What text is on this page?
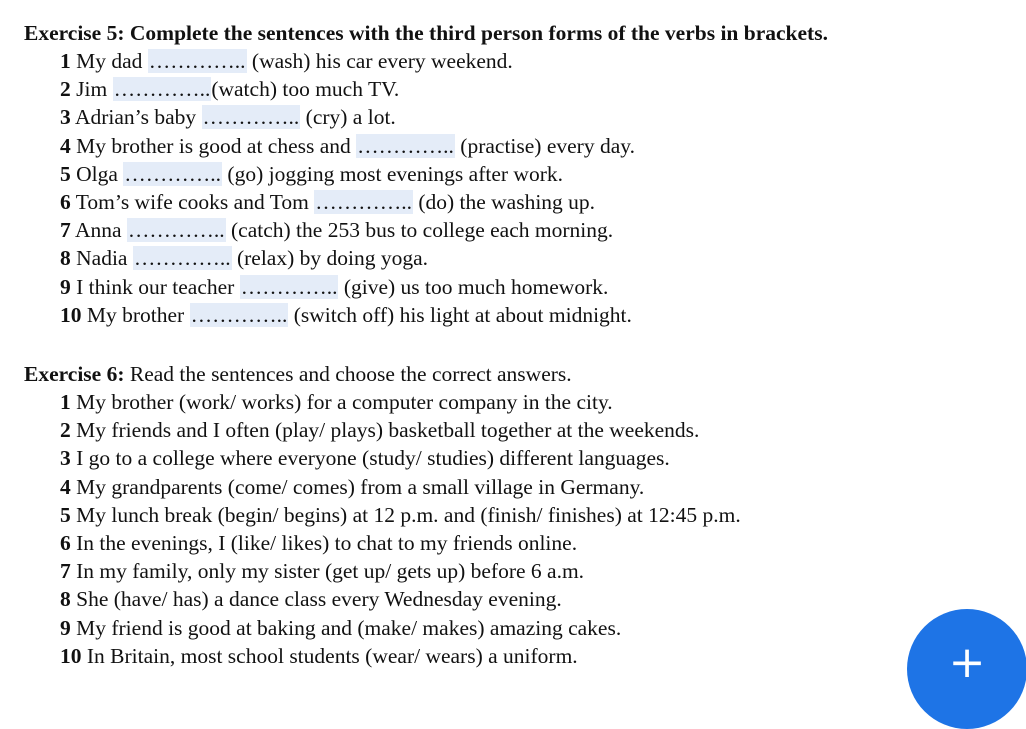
Exercise 5: Complete the sentences with the third person forms of the verbs in brackets.
1 My dad ………….. (wash) his car every weekend.
2 Jim …………..(watch) too much TV.
3 Adrian’s baby ………….. (cry) a lot.
4 My brother is good at chess and ………….. (practise) every day.
5 Olga ………….. (go) jogging most evenings after work.
6 Tom’s wife cooks and Tom ………….. (do) the washing up.
7 Anna ………….. (catch) the 253 bus to college each morning.
8 Nadia ………….. (relax) by doing yoga.
9 I think our teacher ………….. (give) us too much homework.
10 My brother ………….. (switch off) his light at about midnight.
Exercise 6: Read the sentences and choose the correct answers.
1 My brother (work/ works) for a computer company in the city.
2 My friends and I often (play/ plays) basketball together at the weekends.
3 I go to a college where everyone (study/ studies) different languages.
4 My grandparents (come/ comes) from a small village in Germany.
5 My lunch break (begin/ begins) at 12 p.m. and (finish/ finishes) at 12:45 p.m.
6 In the evenings, I (like/ likes) to chat to my friends online.
7 In my family, only my sister (get up/ gets up) before 6 a.m.
8 She (have/ has) a dance class every Wednesday evening.
9 My friend is good at baking and (make/ makes) amazing cakes.
10 In Britain, most school students (wear/ wears) a uniform.	+
